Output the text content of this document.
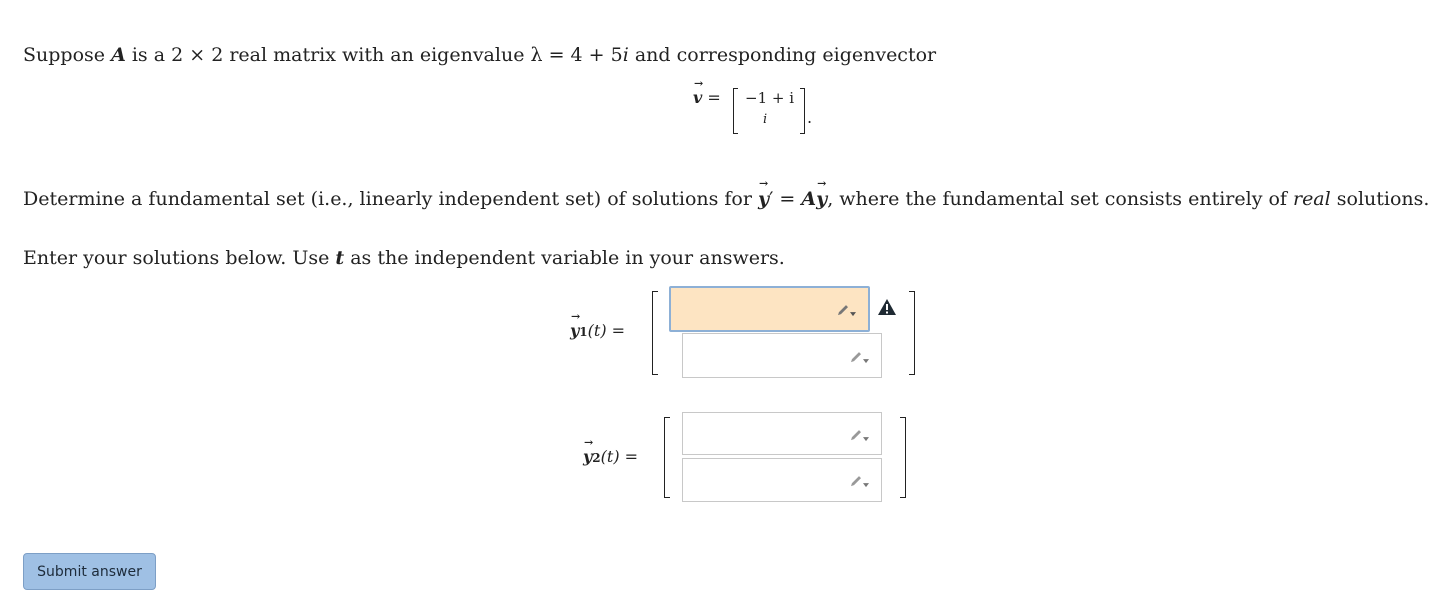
Suppose A is a 2 × 2 real matrix with an eigenvalue λ = 4 + 5i and corresponding eigenvector
→ v = −1 + i
i .
Determine a fundamental set (i.e., linearly independent set) of solutions for → y′ = A→ y, where the fundamental set consists entirely of real solutions.
Enter your solutions below. Use t as the independent variable in your answers.
→ y1(t) =
→ y2(t) =
Submit answer
